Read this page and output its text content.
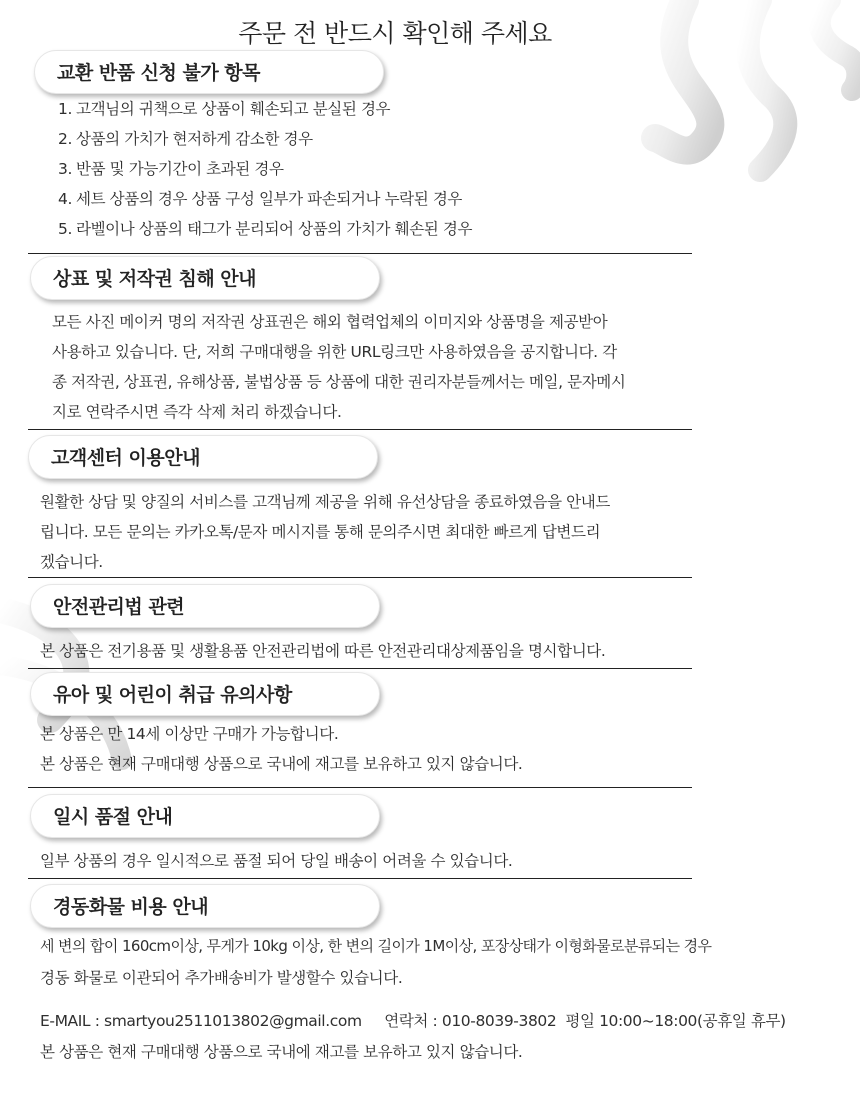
주문 전 반드시 확인해 주세요
교환 반품 신청 불가 항목
1. 고객님의 귀책으로 상품이 훼손되고 분실된 경우
2. 상품의 가치가 현저하게 감소한 경우
3. 반품 및 가능기간이 초과된 경우
4. 세트 상품의 경우 상품 구성 일부가 파손되거나 누락된 경우
5. 라벨이나 상품의 태그가 분리되어 상품의 가치가 훼손된 경우
상표 및 저작권 침해 안내
모든 사진 메이커 명의 저작권 상표권은 해외 협력업체의 이미지와 상품명을 제공받아
사용하고 있습니다. 단, 저희 구매대행을 위한 URL링크만 사용하였음을 공지합니다. 각
종 저작권, 상표권, 유해상품, 불법상품 등 상품에 대한 권리자분들께서는 메일, 문자메시
지로 연락주시면 즉각 삭제 처리 하겠습니다.
고객센터 이용안내
원활한 상담 및 양질의 서비스를 고객님께 제공을 위해 유선상담을 종료하였음을 안내드
립니다. 모든 문의는 카카오톡/문자 메시지를 통해 문의주시면 최대한 빠르게 답변드리
겠습니다.
안전관리법 관련
본 상품은 전기용품 및 생활용품 안전관리법에 따른 안전관리대상제품임을 명시합니다.
유아 및 어린이 취급 유의사항
본 상품은 만 14세 이상만 구매가 가능합니다.
본 상품은 현재 구매대행 상품으로 국내에 재고를 보유하고 있지 않습니다.
일시 품절 안내
일부 상품의 경우 일시적으로 품절 되어 당일 배송이 어려울 수 있습니다.
경동화물 비용 안내
세 변의 합이 160cm이상, 무게가 10kg 이상, 한 변의 길이가 1M이상, 포장상태가 이형화물로분류되는 경우
경동 화물로 이관되어 추가배송비가 발생할수 있습니다.
E-MAIL : smartyou2511013802@gmail.com     연락처 : 010-8039-3802  평일 10:00~18:00(공휴일 휴무)
본 상품은 현재 구매대행 상품으로 국내에 재고를 보유하고 있지 않습니다.
